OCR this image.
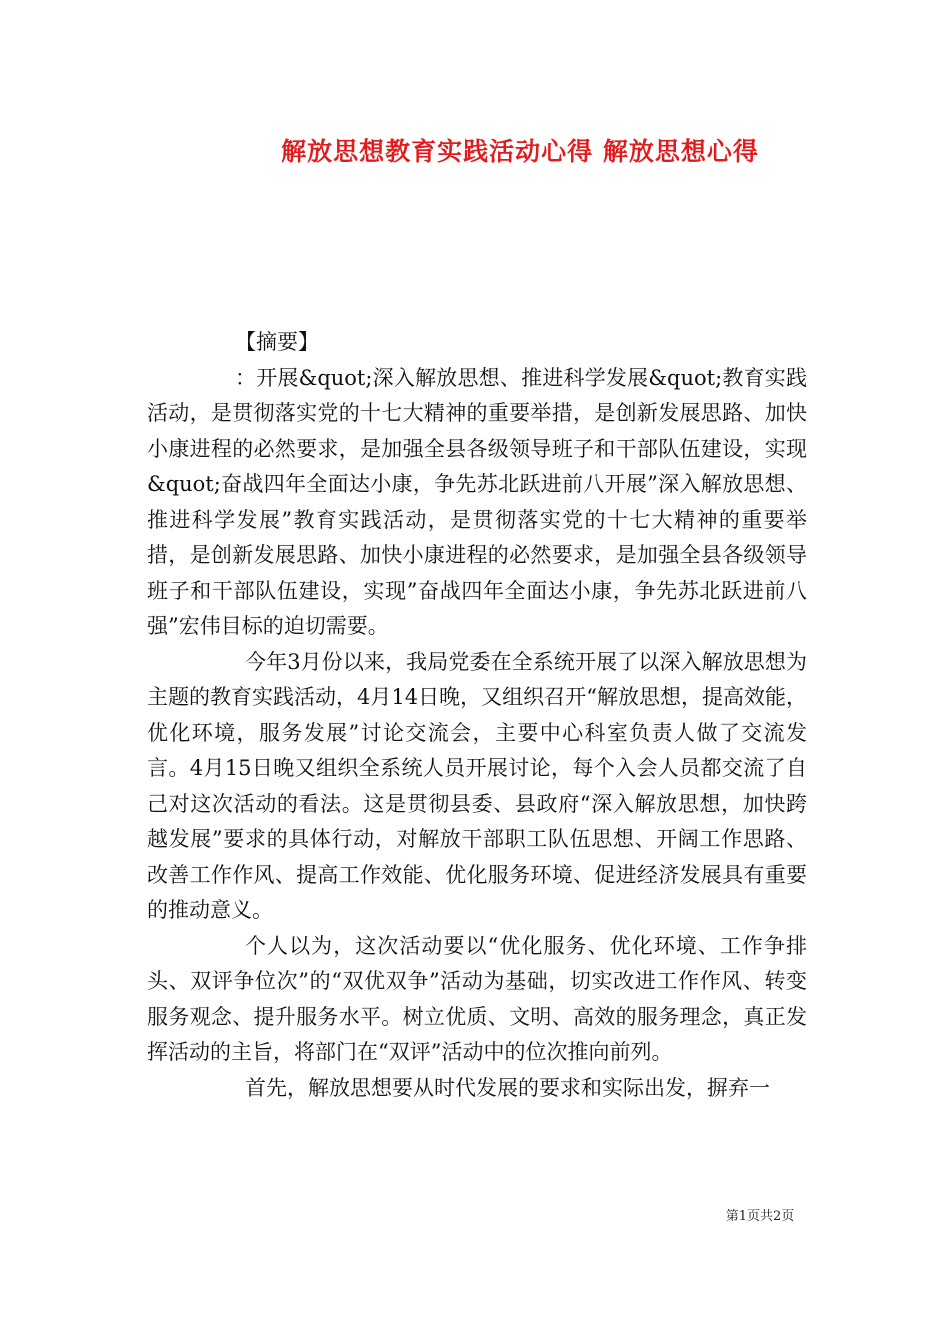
解放思想教育实践活动心得 解放思想心得

【摘要】

：开展&quot;深入解放思想、推进科学发展&quot;教育实践活动，是贯彻落实党的十七大精神的重要举措，是创新发展思路、加快小康进程的必然要求，是加强全县各级领导班子和干部队伍建设，实现&quot;奋战四年全面达小康，争先苏北跃进前八开展”深入解放思想、推进科学发展”教育实践活动，是贯彻落实党的十七大精神的重要举措，是创新发展思路、加快小康进程的必然要求，是加强全县各级领导班子和干部队伍建设，实现”奋战四年全面达小康，争先苏北跃进前八强”宏伟目标的迫切需要。

今年3月份以来，我局党委在全系统开展了以深入解放思想为主题的教育实践活动，4月14日晚，又组织召开“解放思想，提高效能，优化环境，服务发展”讨论交流会，主要中心科室负责人做了交流发言。4月15日晚又组织全系统人员开展讨论，每个入会人员都交流了自己对这次活动的看法。这是贯彻县委、县政府“深入解放思想，加快跨越发展”要求的具体行动，对解放干部职工队伍思想、开阔工作思路、改善工作作风、提高工作效能、优化服务环境、促进经济发展具有重要的推动意义。

个人以为，这次活动要以“优化服务、优化环境、工作争排头、双评争位次”的“双优双争”活动为基础，切实改进工作作风、转变服务观念、提升服务水平。树立优质、文明、高效的服务理念，真正发挥活动的主旨，将部门在“双评”活动中的位次推向前列。

首先，解放思想要从时代发展的要求和实际出发，摒弃一

第1页共2页
